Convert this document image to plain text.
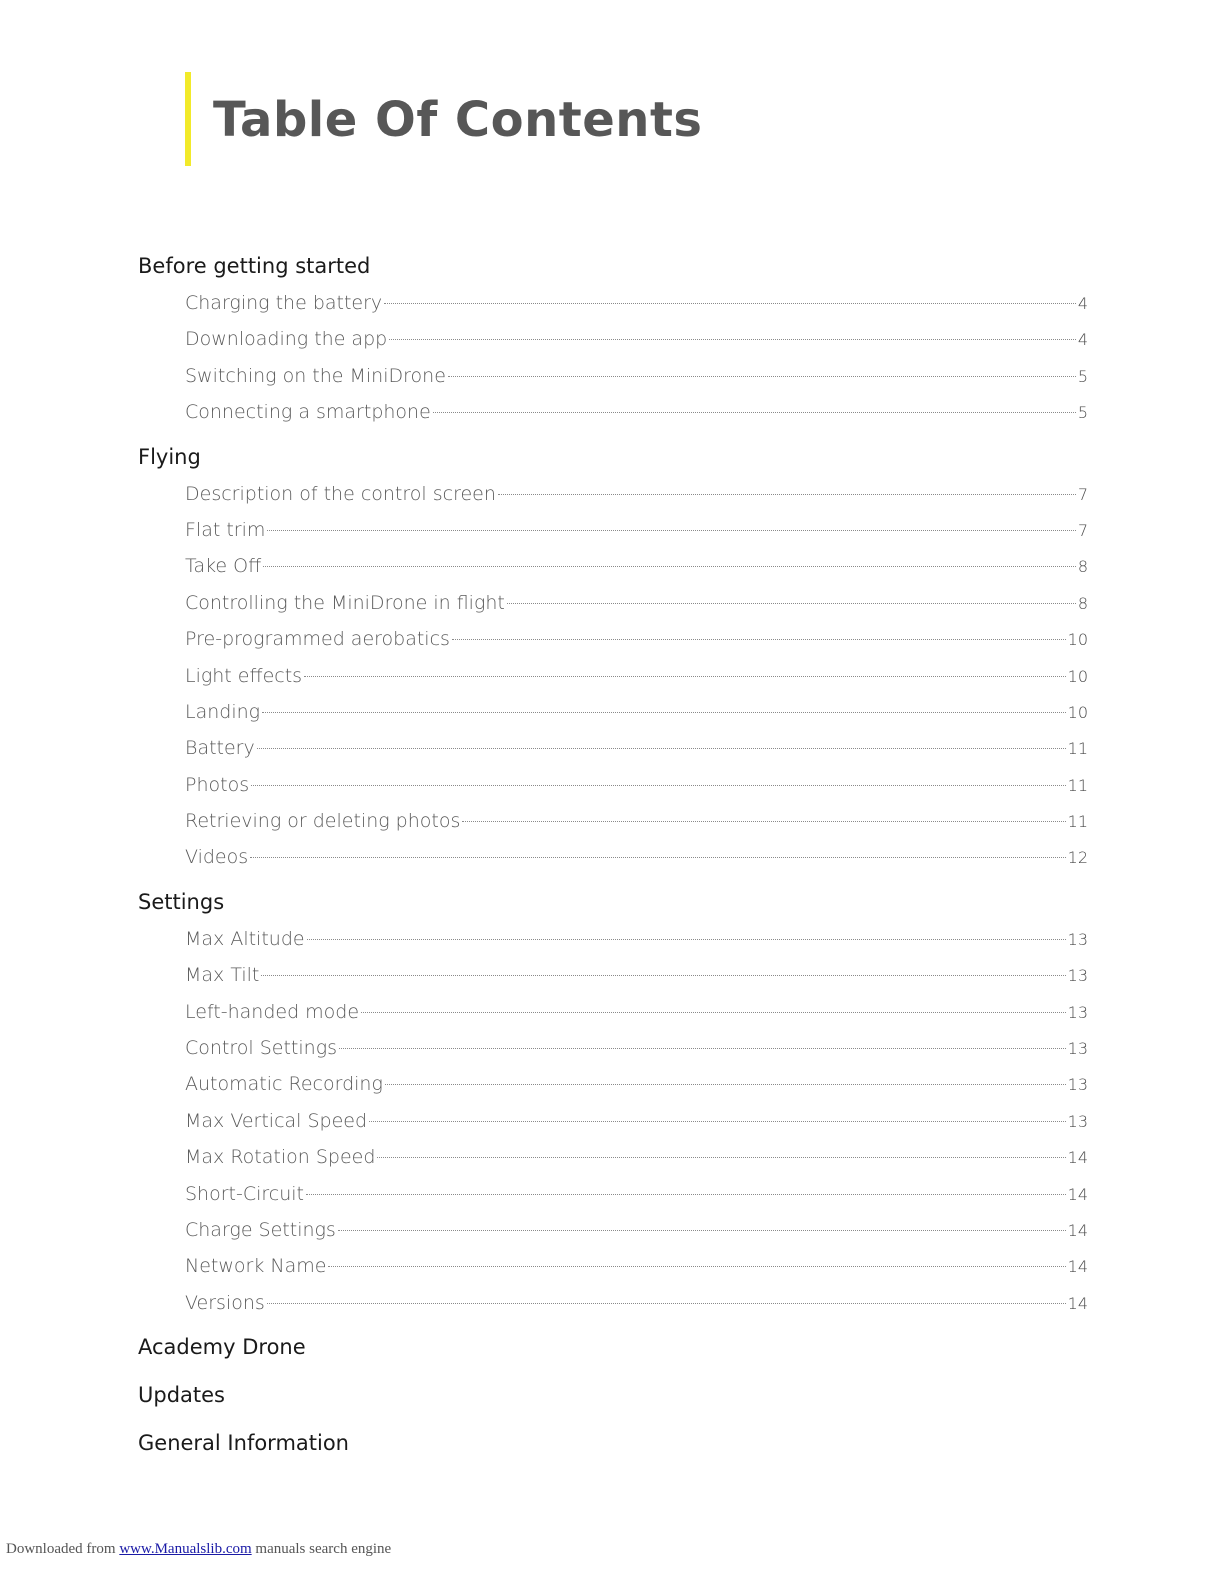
Table Of Contents
Before getting started
Charging the battery	4
Downloading the app	4
Switching on the MiniDrone	5
Connecting a smartphone	5
Flying
Description of the control screen	7
Flat trim	7
Take Off	8
Controlling the MiniDrone in flight	8
Pre-programmed aerobatics	10
Light effects	10
Landing	10
Battery	11
Photos	11
Retrieving or deleting photos	11
Videos	12
Settings
Max Altitude	13
Max Tilt	13
Left-handed mode	13
Control Settings	13
Automatic Recording	13
Max Vertical Speed	13
Max Rotation Speed	14
Short-Circuit	14
Charge Settings	14
Network Name	14
Versions	14
Academy Drone
Updates
General Information
Downloaded from www.Manualslib.com manuals search engine
